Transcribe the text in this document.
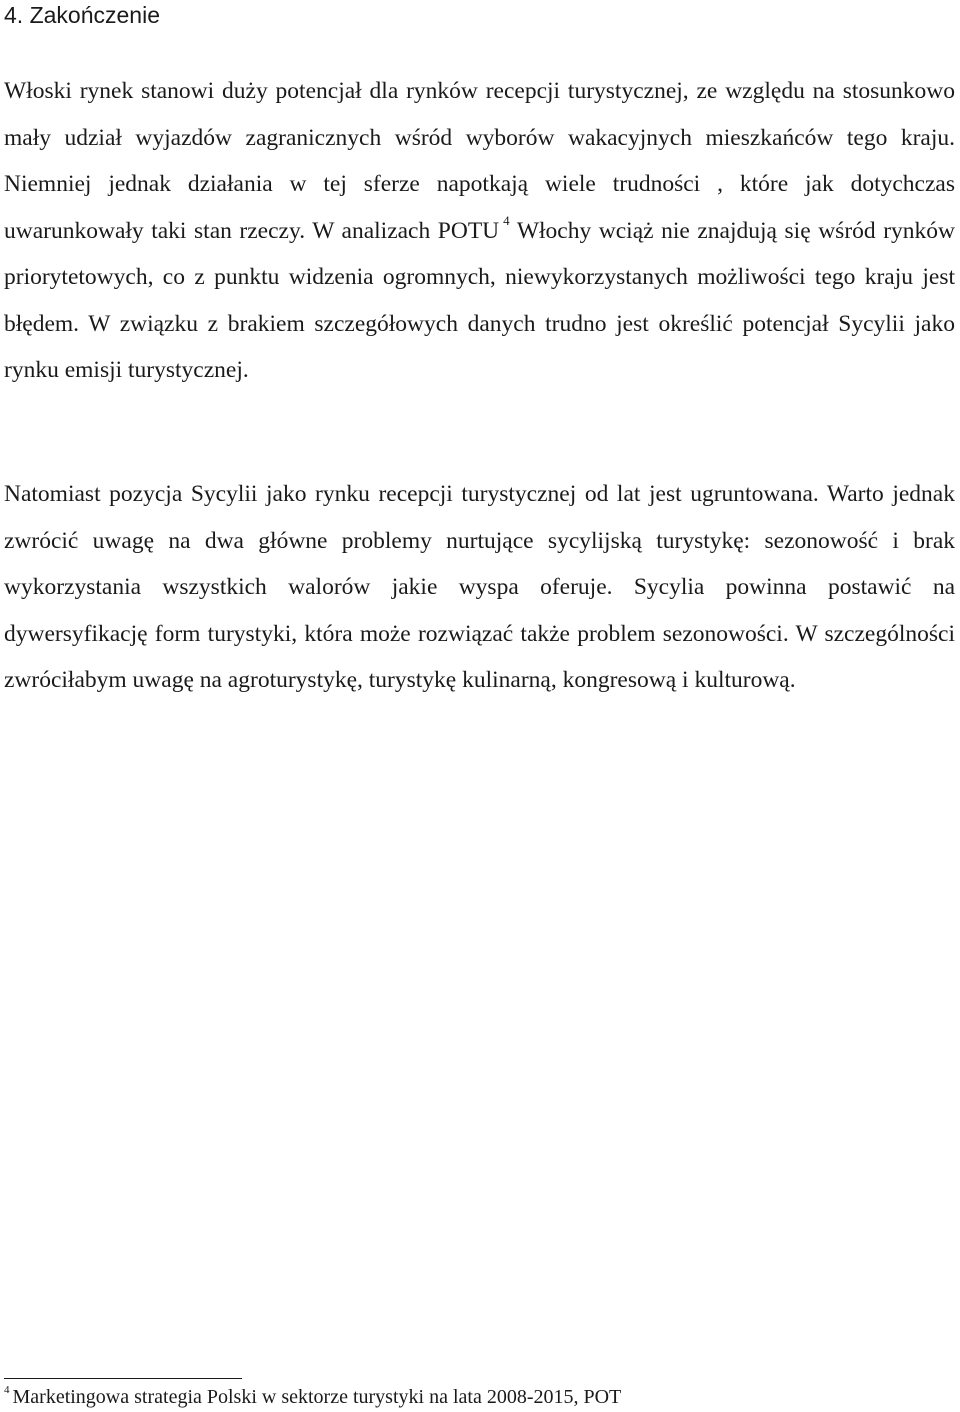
4. Zakończenie

Włoski rynek stanowi duży potencjał dla rynków recepcji turystycznej, ze względu na stosunkowo mały udział wyjazdów zagranicznych wśród wyborów wakacyjnych mieszkańców tego kraju. Niemniej jednak działania w tej sferze napotkają wiele trudności , które jak dotychczas uwarunkowały taki stan rzeczy. W analizach POTU $^4$ Włochy wciąż nie znajdują się wśród rynków priorytetowych, co z punktu widzenia ogromnych, niewykorzystanych możliwości tego kraju jest błędem. W związku z brakiem szczegółowych danych trudno jest określić potencjał Sycylii jako rynku emisji turystycznej.

Natomiast pozycja Sycylii jako rynku recepcji turystycznej od lat jest ugruntowana. Warto jednak zwrócić uwagę na dwa główne problemy nurtujące sycylijską turystykę: sezonowość i brak wykorzystania wszystkich walorów jakie wyspa oferuje. Sycylia powinna postawić na dywersyfikację form turystyki, która może rozwiązać także problem sezonowości. W szczególności zwróciłabym uwagę na agroturystykę, turystykę kulinarną, kongresową i kulturową.

$^4$ Marketingowa strategia Polski w sektorze turystyki na lata 2008-2015, POT
